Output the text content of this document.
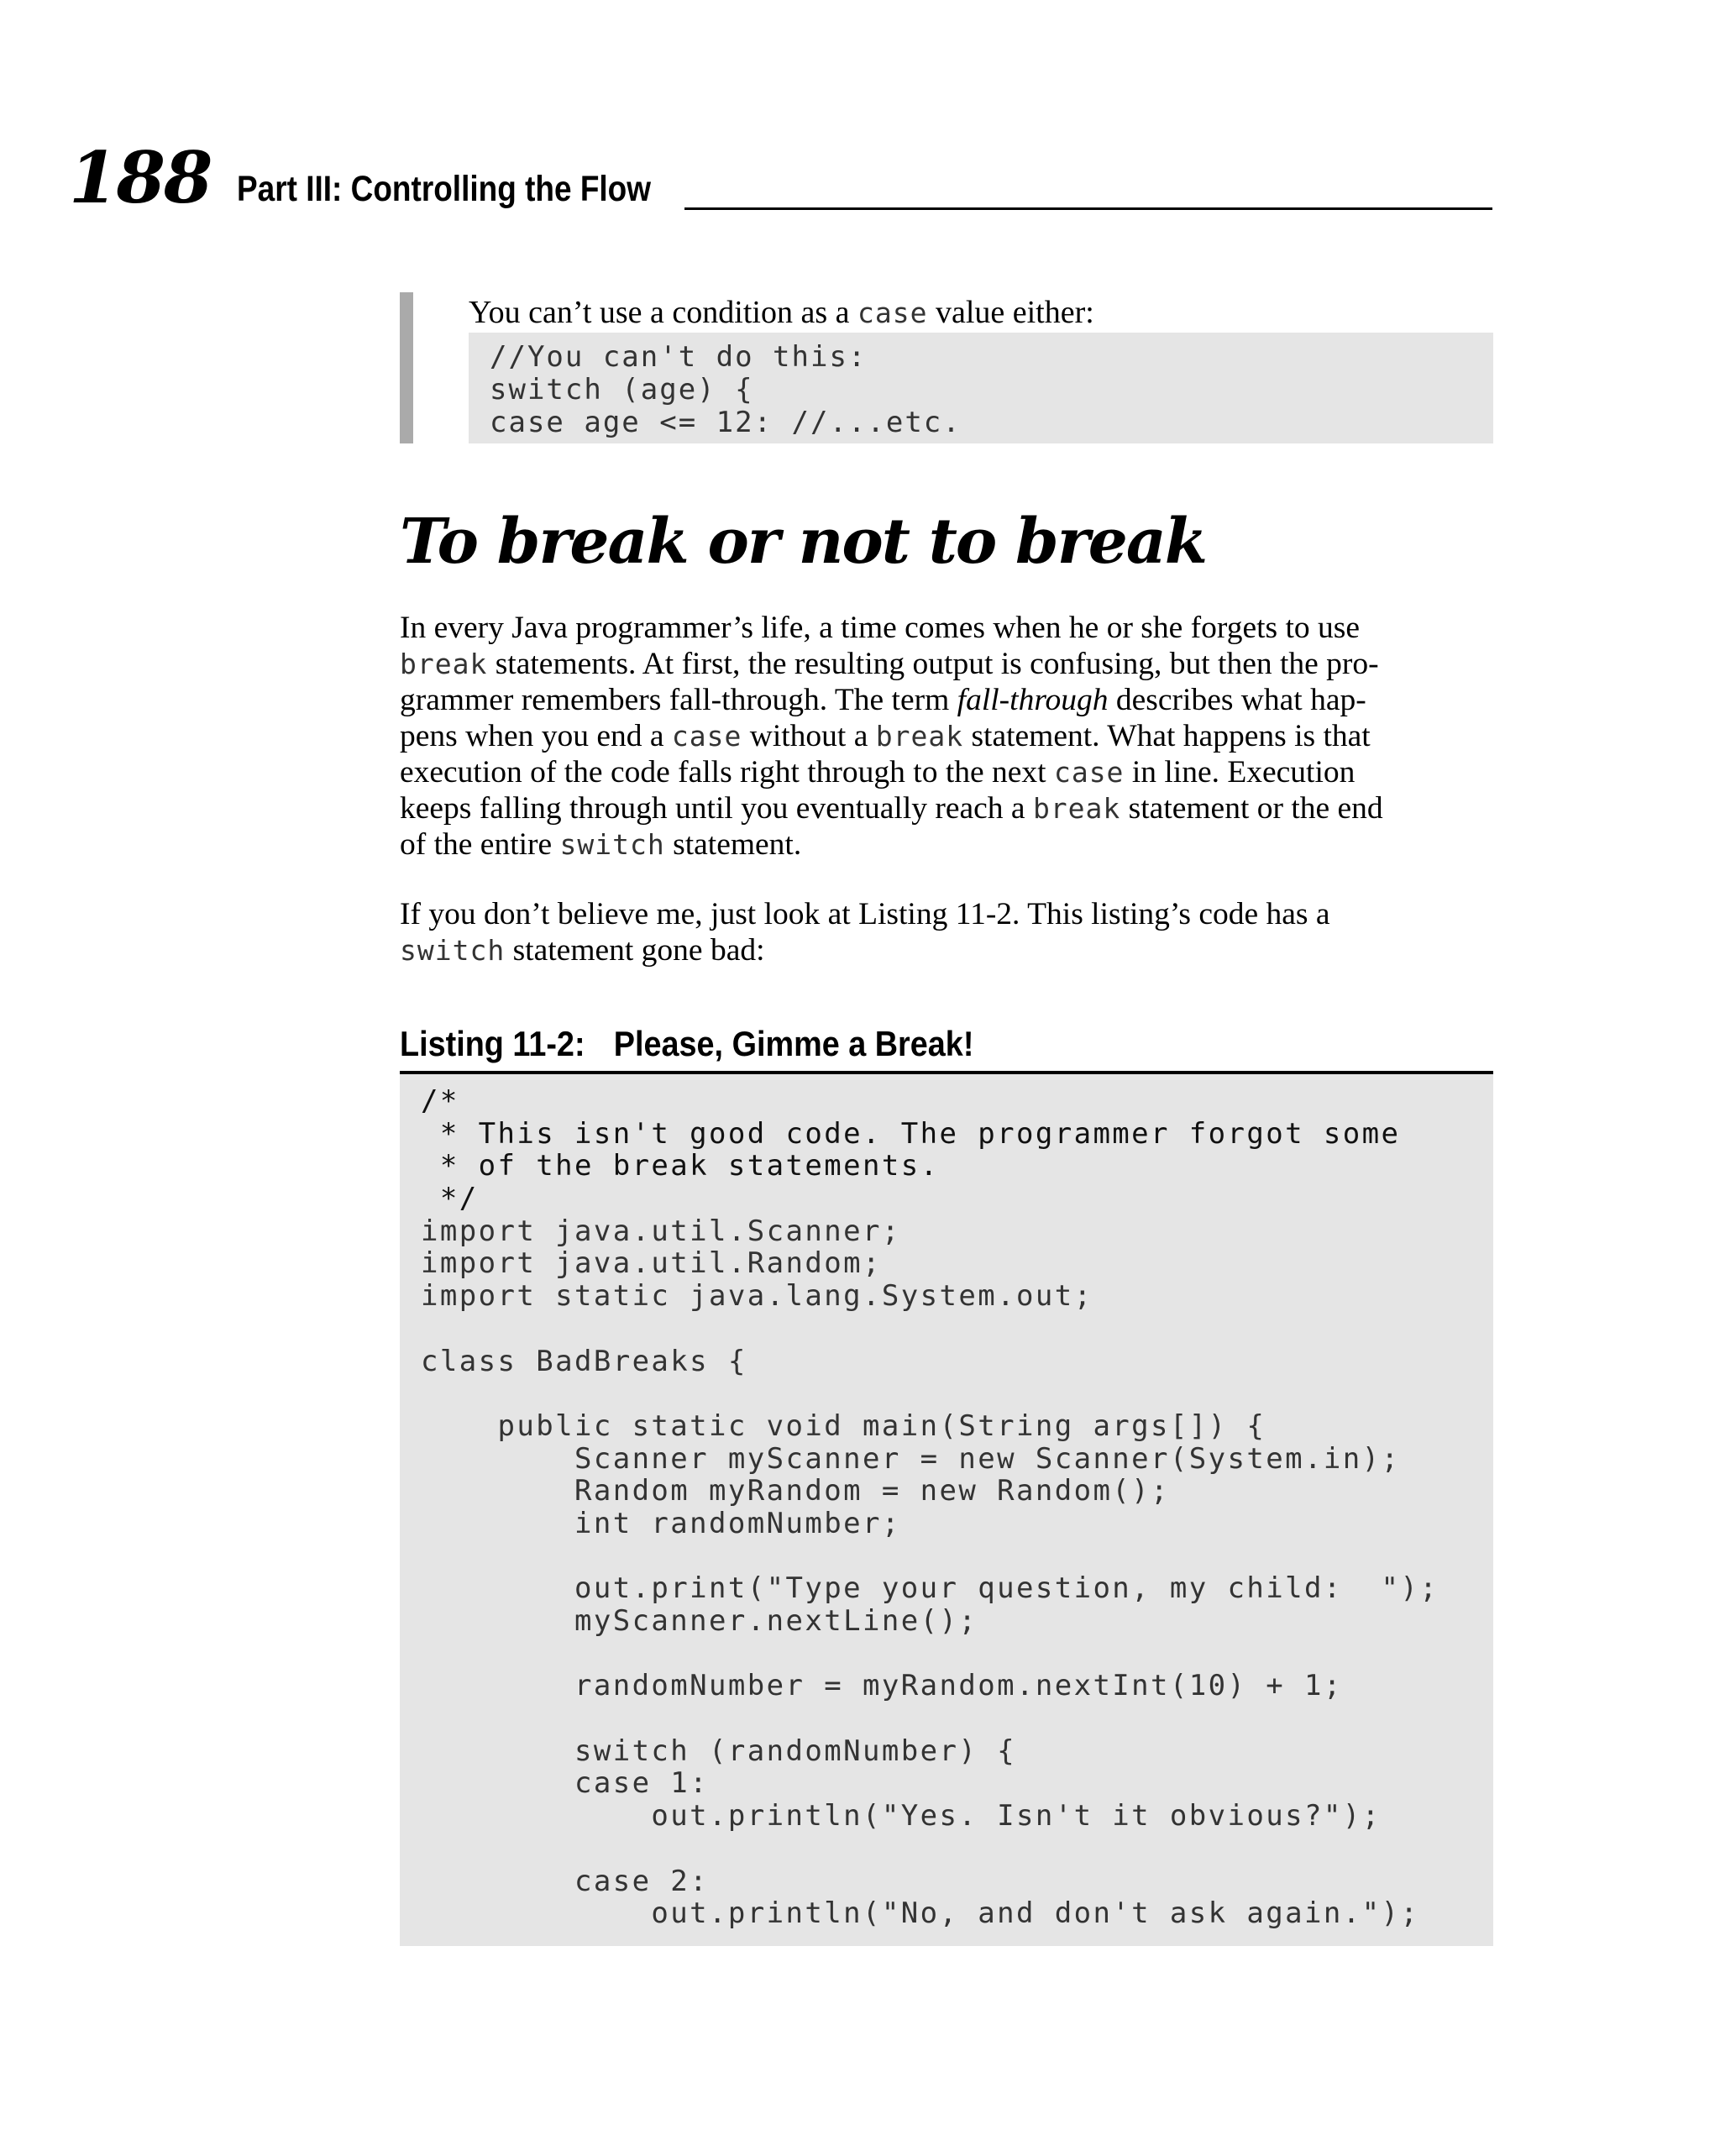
188 Part III: Controlling the Flow
You can’t use a condition as a case value either:
//You can't do this:
switch (age) {
case age <= 12: //...etc.
To break or not to break
In every Java programmer’s life, a time comes when he or she forgets to use
break statements. At first, the resulting output is confusing, but then the pro-
grammer remembers fall-through. The term fall-through describes what hap-
pens when you end a case without a break statement. What happens is that
execution of the code falls right through to the next case in line. Execution
keeps falling through until you eventually reach a break statement or the end
of the entire switch statement.
If you don’t believe me, just look at Listing 11-2. This listing’s code has a
switch statement gone bad:
Listing 11-2: Please, Gimme a Break!
/*
* This isn't good code. The programmer forgot some
* of the break statements.
*/
import java.util.Scanner;
import java.util.Random;
import static java.lang.System.out;
class BadBreaks {
public static void main(String args[]) {
Scanner myScanner = new Scanner(System.in);
Random myRandom = new Random();
int randomNumber;
out.print("Type your question, my child:  ");
myScanner.nextLine();
randomNumber = myRandom.nextInt(10) + 1;
switch (randomNumber) {
case 1:
out.println("Yes. Isn't it obvious?");
case 2:
out.println("No, and don't ask again.");
